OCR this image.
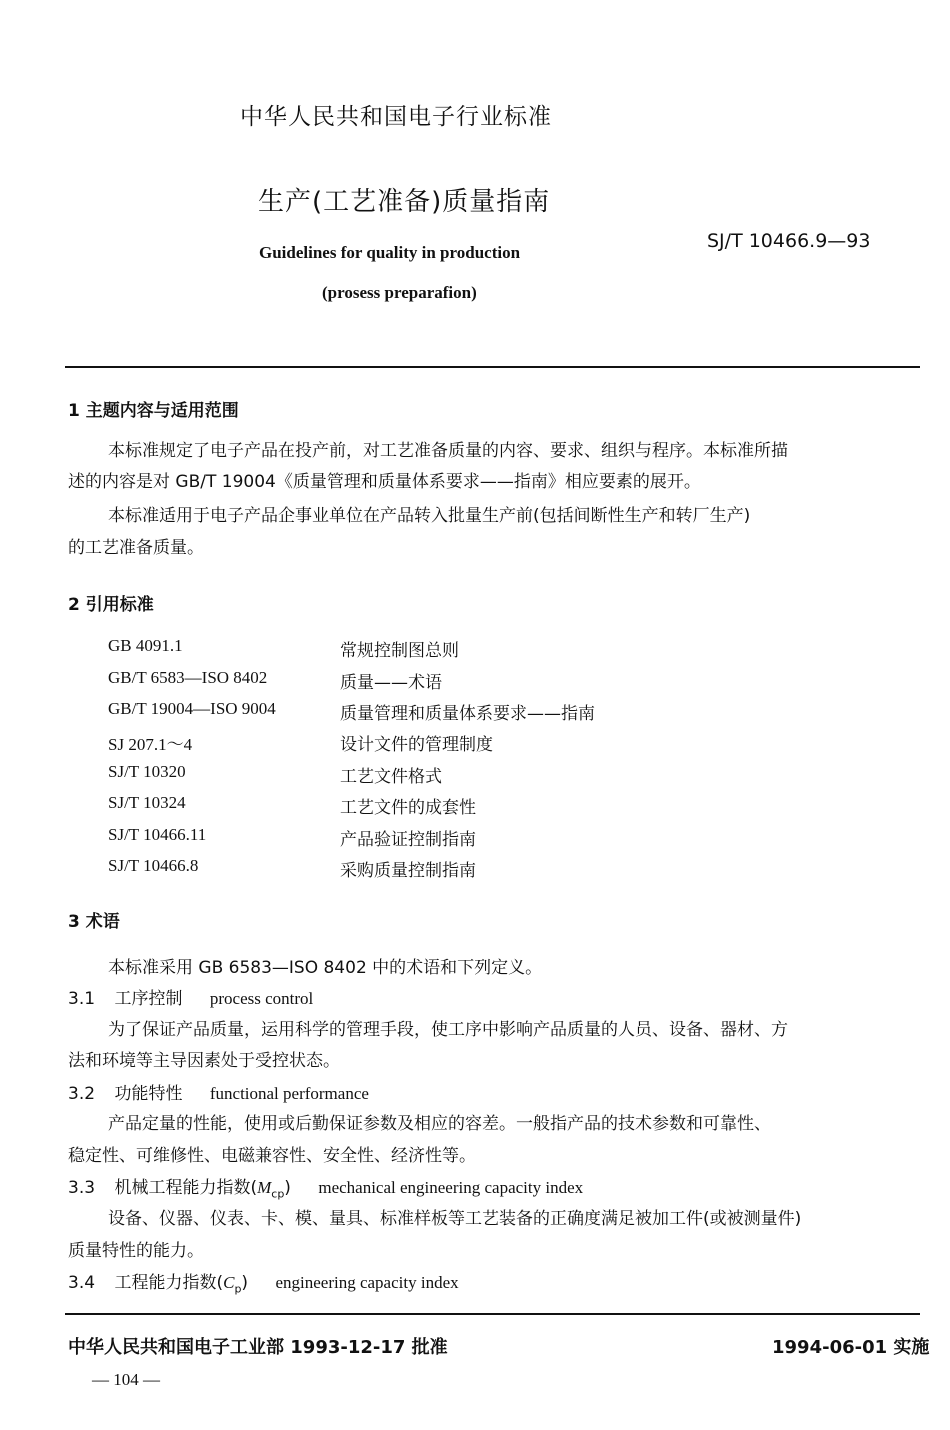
中华人民共和国电子行业标准
生产(工艺准备)质量指南
Guidelines for quality in production
(prosess preparafion)
SJ/T 10466.9—93
1 主题内容与适用范围
本标准规定了电子产品在投产前，对工艺准备质量的内容、要求、组织与程序。本标准所描
述的内容是对 GB/T 19004《质量管理和质量体系要求——指南》相应要素的展开。
本标准适用于电子产品企事业单位在产品转入批量生产前(包括间断性生产和转厂生产)
的工艺准备质量。
2 引用标准
GB 4091.1	常规控制图总则
GB/T 6583—ISO 8402	质量——术语
GB/T 19004—ISO 9004	质量管理和质量体系要求——指南
SJ 207.1～4	设计文件的管理制度
SJ/T 10320	工艺文件格式
SJ/T 10324	工艺文件的成套性
SJ/T 10466.11	产品验证控制指南
SJ/T 10466.8	采购质量控制指南
3 术语
本标准采用 GB 6583—ISO 8402 中的术语和下列定义。
3.1 工序控制 process control
为了保证产品质量，运用科学的管理手段，使工序中影响产品质量的人员、设备、器材、方
法和环境等主导因素处于受控状态。
3.2 功能特性 functional performance
产品定量的性能，使用或后勤保证参数及相应的容差。一般指产品的技术参数和可靠性、
稳定性、可维修性、电磁兼容性、安全性、经济性等。
3.3 机械工程能力指数$(M_{cp})$ mechanical engineering capacity index
设备、仪器、仪表、卡、模、量具、标准样板等工艺装备的正确度满足被加工件(或被测量件)
质量特性的能力。
3.4 工程能力指数$(C_p)$ engineering capacity index
中华人民共和国电子工业部 1993-12-17 批准	1994-06-01 实施
— 104 —
